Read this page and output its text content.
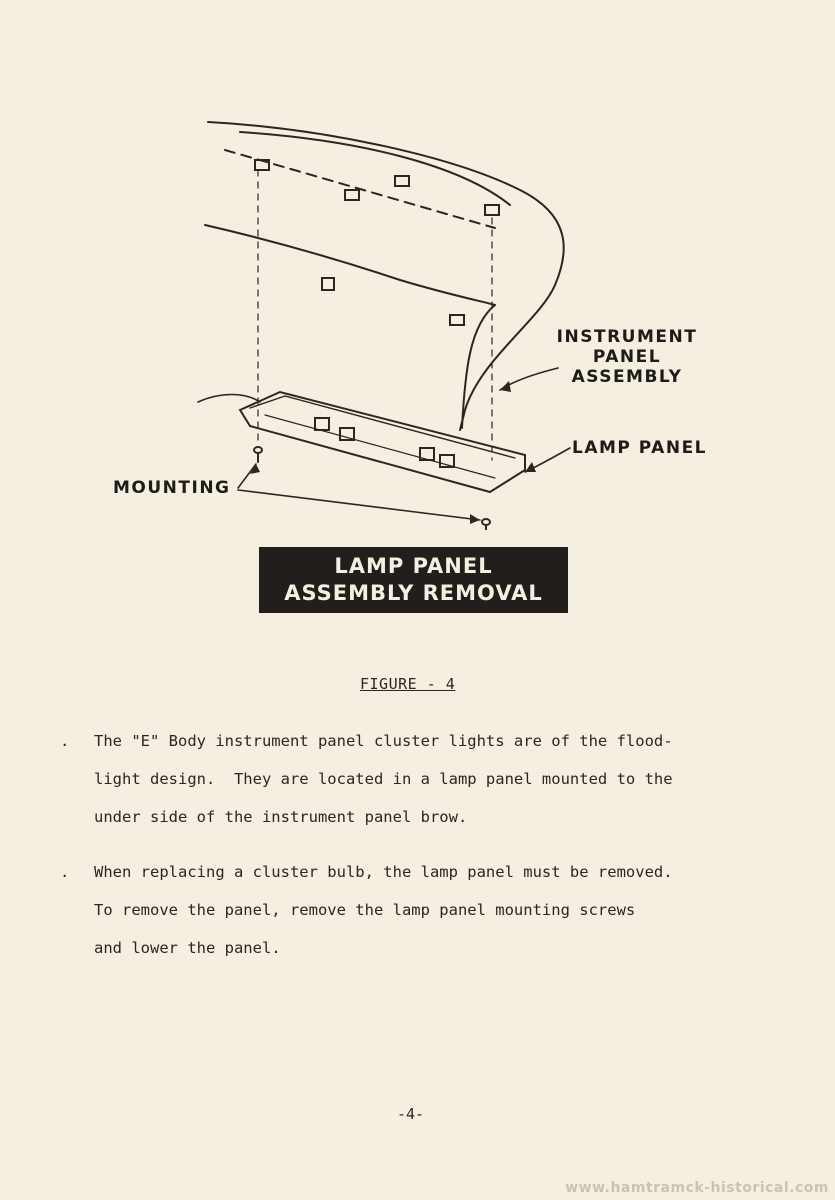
INSTRUMENT
PANEL
ASSEMBLY
LAMP PANEL
MOUNTING
LAMP PANEL
ASSEMBLY REMOVAL
FIGURE - 4
. The "E" Body instrument panel cluster lights are of the flood-
light design.  They are located in a lamp panel mounted to the
under side of the instrument panel brow.
. When replacing a cluster bulb, the lamp panel must be removed.
To remove the panel, remove the lamp panel mounting screws
and lower the panel.
-4-
www.hamtramck-historical.com
